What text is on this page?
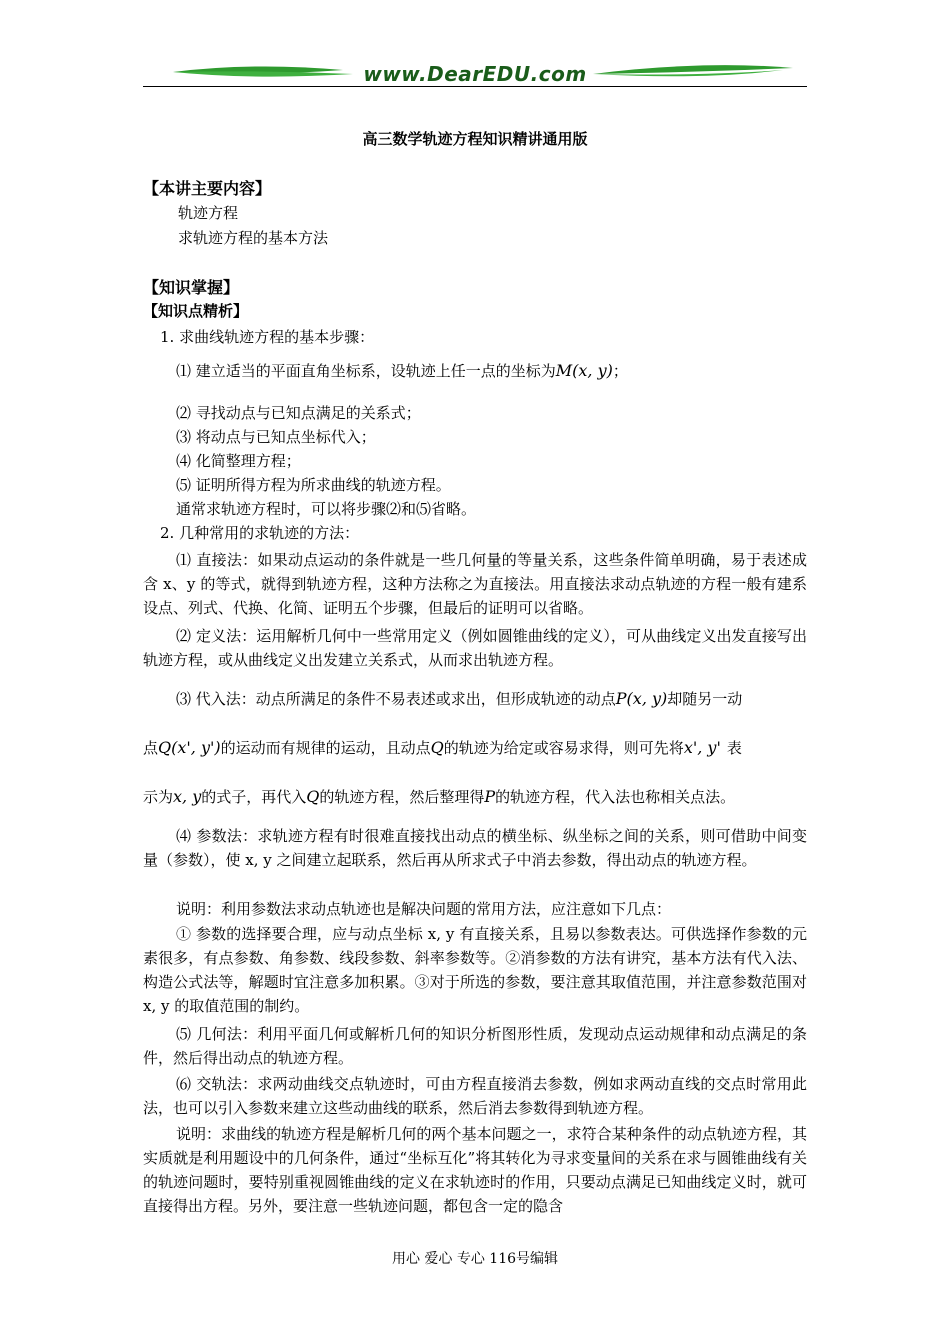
www.DearEDU.com
高三数学轨迹方程知识精讲通用版
【本讲主要内容】
轨迹方程
求轨迹方程的基本方法
【知识掌握】
【知识点精析】
1. 求曲线轨迹方程的基本步骤：
⑴ 建立适当的平面直角坐标系，设轨迹上任一点的坐标为M(x, y)；
⑵ 寻找动点与已知点满足的关系式；
⑶ 将动点与已知点坐标代入；
⑷ 化简整理方程；
⑸ 证明所得方程为所求曲线的轨迹方程。
通常求轨迹方程时，可以将步骤⑵和⑸省略。
2. 几种常用的求轨迹的方法：
⑴ 直接法：如果动点运动的条件就是一些几何量的等量关系，这些条件简单明确，易于表述成含 x、y 的等式，就得到轨迹方程，这种方法称之为直接法。用直接法求动点轨迹的方程一般有建系设点、列式、代换、化简、证明五个步骤，但最后的证明可以省略。
⑵ 定义法：运用解析几何中一些常用定义（例如圆锥曲线的定义），可从曲线定义出发直接写出轨迹方程，或从曲线定义出发建立关系式，从而求出轨迹方程。
⑶ 代入法：动点所满足的条件不易表述或求出，但形成轨迹的动点P(x, y)却随另一动
点Q(x', y')的运动而有规律的运动，且动点Q的轨迹为给定或容易求得，则可先将x', y' 表
示为x, y的式子，再代入Q的轨迹方程，然后整理得P的轨迹方程，代入法也称相关点法。
⑷ 参数法：求轨迹方程有时很难直接找出动点的横坐标、纵坐标之间的关系，则可借助中间变量（参数），使 x, y 之间建立起联系，然后再从所求式子中消去参数，得出动点的轨迹方程。
说明：利用参数法求动点轨迹也是解决问题的常用方法，应注意如下几点：
① 参数的选择要合理，应与动点坐标 x, y 有直接关系，且易以参数表达。可供选择作参数的元素很多，有点参数、角参数、线段参数、斜率参数等。②消参数的方法有讲究，基本方法有代入法、构造公式法等，解题时宜注意多加积累。③对于所选的参数，要注意其取值范围，并注意参数范围对 x, y 的取值范围的制约。
⑸ 几何法：利用平面几何或解析几何的知识分析图形性质，发现动点运动规律和动点满足的条件，然后得出动点的轨迹方程。
⑹ 交轨法：求两动曲线交点轨迹时，可由方程直接消去参数，例如求两动直线的交点时常用此法，也可以引入参数来建立这些动曲线的联系，然后消去参数得到轨迹方程。
说明：求曲线的轨迹方程是解析几何的两个基本问题之一，求符合某种条件的动点轨迹方程，其实质就是利用题设中的几何条件，通过“坐标互化”将其转化为寻求变量间的关系在求与圆锥曲线有关的轨迹问题时，要特别重视圆锥曲线的定义在求轨迹时的作用，只要动点满足已知曲线定义时，就可直接得出方程。另外，要注意一些轨迹问题，都包含一定的隐含
用心 爱心 专心 116号编辑
